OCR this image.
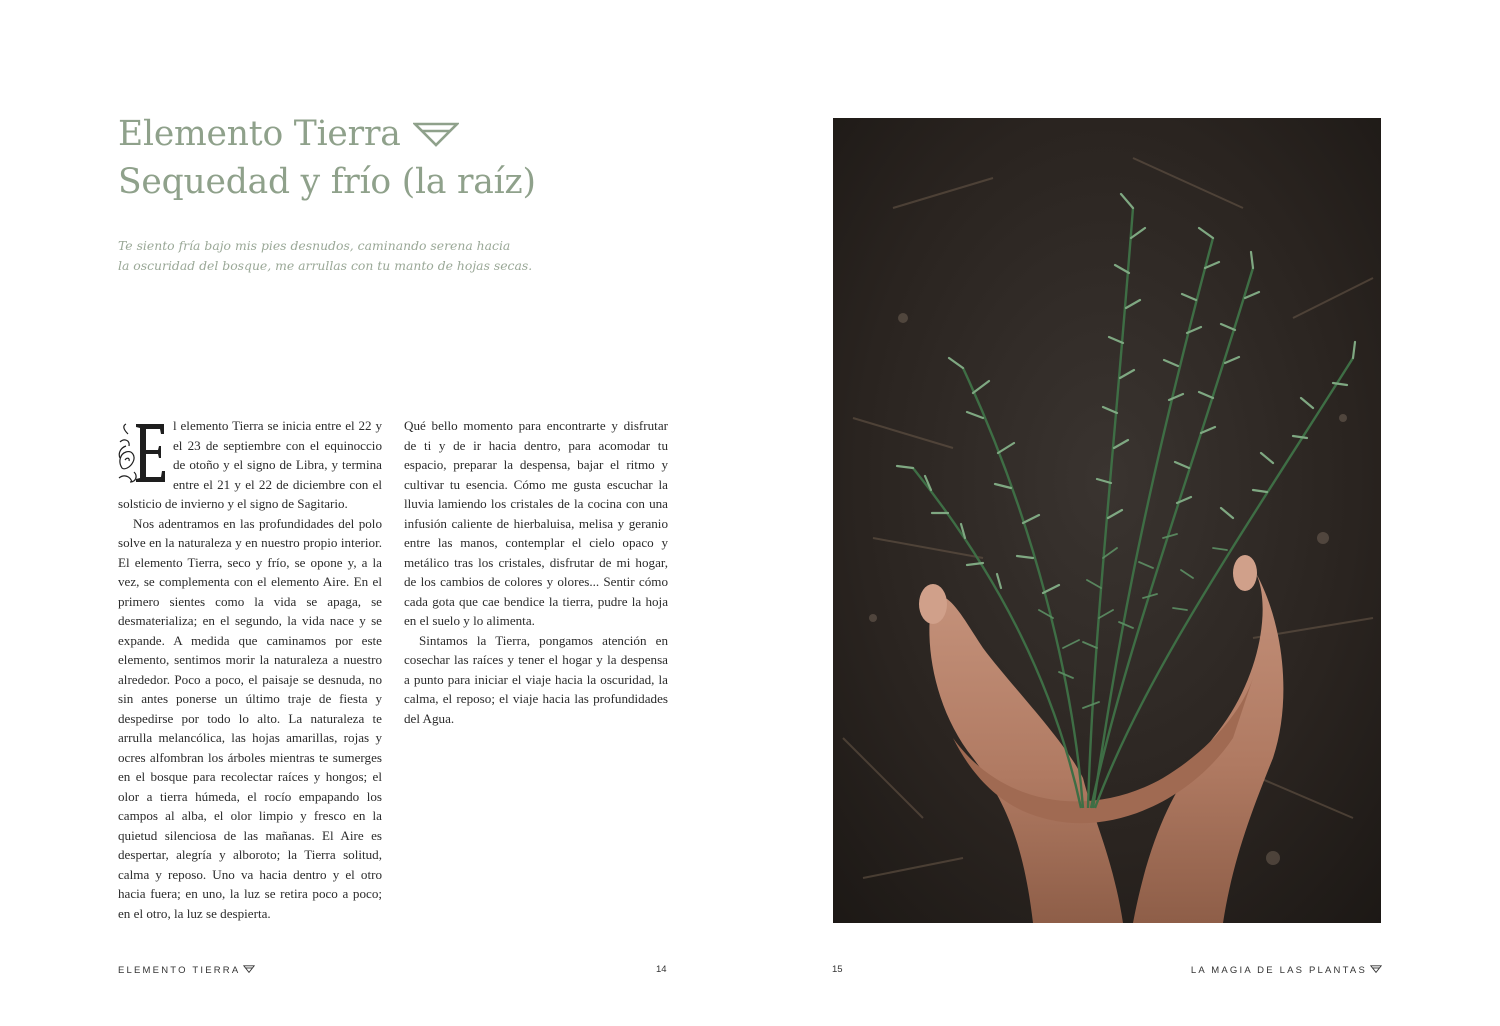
Elemento Tierra
Sequedad y frío (la raíz)
Te siento fría bajo mis pies desnudos, caminando serena hacia
la oscuridad del bosque, me arrullas con tu manto de hojas secas.

l elemento Tierra se inicia entre el 22 y el 23 de septiembre con el equinoccio de otoño y el signo de Libra, y termina entre el 21 y el 22 de diciembre con el solsticio de invierno y el signo de Sagitario.

Nos adentramos en las profundidades del polo solve en la naturaleza y en nuestro propio interior. El elemento Tierra, seco y frío, se opone y, a la vez, se complementa con el elemento Aire. En el primero sientes como la vida se apaga, se desmaterializa; en el segundo, la vida nace y se expande. A medida que caminamos por este elemento, sentimos morir la naturaleza a nuestro alrededor. Poco a poco, el paisaje se desnuda, no sin antes ponerse un último traje de fiesta y despedirse por todo lo alto. La naturaleza te arrulla melancólica, las hojas amarillas, rojas y ocres alfombran los árboles mientras te sumerges en el bosque para recolectar raíces y hongos; el olor a tierra húmeda, el rocío empapando los campos al alba, el olor limpio y fresco en la quietud silenciosa de las mañanas. El Aire es despertar, alegría y alboroto; la Tierra solitud, calma y reposo. Uno va hacia dentro y el otro hacia fuera; en uno, la luz se retira poco a poco; en el otro, la luz se despierta.

Qué bello momento para encontrarte y disfrutar de ti y de ir hacia dentro, para acomodar tu espacio, preparar la despensa, bajar el ritmo y cultivar tu esencia. Cómo me gusta escuchar la lluvia lamiendo los cristales de la cocina con una infusión caliente de hierbaluisa, melisa y geranio entre las manos, contemplar el cielo opaco y metálico tras los cristales, disfrutar de mi hogar, de los cambios de colores y olores... Sentir cómo cada gota que cae bendice la tierra, pudre la hoja en el suelo y lo alimenta.

Sintamos la Tierra, pongamos atención en cosechar las raíces y tener el hogar y la despensa a punto para iniciar el viaje hacia la oscuridad, la calma, el reposo; el viaje hacia las profundidades del Agua.

ELEMENTO TIERRA	14	15	LA MAGIA DE LAS PLANTAS
